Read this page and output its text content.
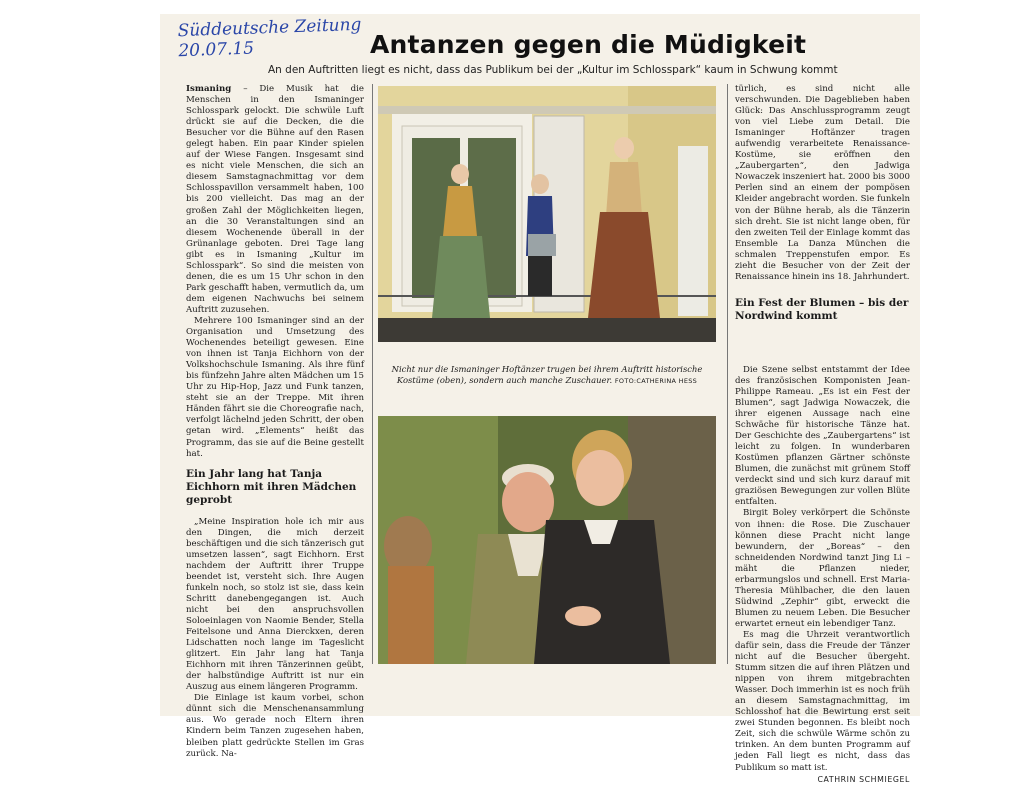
Süddeutsche Zeitung
20.07.15	Antanzen gegen die Müdigkeit
An den Auftritten liegt es nicht, dass das Publikum bei der „Kultur im Schlosspark“ kaum in Schwung kommt

Ismaning – Die Musik hat die Menschen in den Ismaninger Schlosspark gelockt. Die schwüle Luft drückt sie auf die Decken, die die Besucher vor die Bühne auf den Rasen gelegt haben. Ein paar Kinder spielen auf der Wiese Fangen. Insgesamt sind es nicht viele Menschen, die sich an diesem Samstagnachmittag vor dem Schlosspavillon versammelt haben, 100 bis 200 vielleicht. Das mag an der großen Zahl der Möglichkeiten liegen, an die 30 Veranstaltungen sind an diesem Wochenende überall in der Grünanlage geboten. Drei Tage lang gibt es in Ismaning „Kultur im Schlosspark“. So sind die meisten von denen, die es um 15 Uhr schon in den Park geschafft haben, vermutlich da, um dem eigenen Nachwuchs bei seinem Auftritt zuzusehen.

Mehrere 100 Ismaninger sind an der Organisation und Umsetzung des Wochenendes beteiligt gewesen. Eine von ihnen ist Tanja Eichhorn von der Volkshochschule Ismaning. Als ihre fünf bis fünfzehn Jahre alten Mädchen um 15 Uhr zu Hip-Hop, Jazz und Funk tanzen, steht sie an der Treppe. Mit ihren Händen fährt sie die Choreografie nach, verfolgt lächelnd jeden Schritt, der oben getan wird. „Elements“ heißt das Programm, das sie auf die Beine gestellt hat.

Ein Jahr lang hat Tanja Eichhorn mit ihren Mädchen geprobt

„Meine Inspiration hole ich mir aus den Dingen, die mich derzeit beschäftigen und die sich tänzerisch gut umsetzen lassen“, sagt Eichhorn. Erst nachdem der Auftritt ihrer Truppe beendet ist, versteht sich. Ihre Augen funkeln noch, so stolz ist sie, dass kein Schritt danebengegangen ist. Auch nicht bei den anspruchsvollen Soloeinlagen von Naomie Bender, Stella Feitelsone und Anna Dierckxen, deren Lidschatten noch lange im Tageslicht glitzert. Ein Jahr lang hat Tanja Eichhorn mit ihren Tänzerinnen geübt, der halbstündige Auftritt ist nur ein Auszug aus einem längeren Programm.

Die Einlage ist kaum vorbei, schon dünnt sich die Menschenansammlung aus. Wo gerade noch Eltern ihren Kindern beim Tanzen zugesehen haben, bleiben platt gedrückte Stellen im Gras zurück. Na-

Nicht nur die Ismaninger Hoftänzer trugen bei ihrem Auftritt historische Kostüme (oben), sondern auch manche Zuschauer. FOTO:CATHERINA HESS

türlich, es sind nicht alle verschwunden. Die Dageblieben haben Glück: Das Anschlussprogramm zeugt von viel Liebe zum Detail. Die Ismaninger Hoftänzer tragen aufwendig verarbeitete Renaissance-Kostüme, sie eröffnen den „Zaubergarten“, den Jadwiga Nowaczek inszeniert hat. 2000 bis 3000 Perlen sind an einem der pompösen Kleider angebracht worden. Sie funkeln von der Bühne herab, als die Tänzerin sich dreht. Sie ist nicht lange oben, für den zweiten Teil der Einlage kommt das Ensemble La Danza München die schmalen Treppenstufen empor. Es zieht die Besucher von der Zeit der Renaissance hinein ins 18. Jahrhundert.

Ein Fest der Blumen – bis der Nordwind kommt

Die Szene selbst entstammt der Idee des französischen Komponisten Jean-Philippe Rameau. „Es ist ein Fest der Blumen“, sagt Jadwiga Nowaczek, die ihrer eigenen Aussage nach eine Schwäche für historische Tänze hat. Der Geschichte des „Zaubergartens“ ist leicht zu folgen. In wunderbaren Kostümen pflanzen Gärtner schönste Blumen, die zunächst mit grünem Stoff verdeckt sind und sich kurz darauf mit graziösen Bewegungen zur vollen Blüte entfalten.

Birgit Boley verkörpert die Schönste von ihnen: die Rose. Die Zuschauer können diese Pracht nicht lange bewundern, der „Boreas“ – den schneidenden Nordwind tanzt Jing Li – mäht die Pflanzen nieder, erbarmungslos und schnell. Erst Maria-Theresia Mühlbacher, die den lauen Südwind „Zephir“ gibt, erweckt die Blumen zu neuem Leben. Die Besucher erwartet erneut ein lebendiger Tanz.

Es mag die Uhrzeit verantwortlich dafür sein, dass die Freude der Tänzer nicht auf die Besucher übergeht. Stumm sitzen die auf ihren Plätzen und nippen von ihrem mitgebrachten Wasser. Doch immerhin ist es noch früh an diesem Samstagnachmittag, im Schlosshof hat die Bewirtung erst seit zwei Stunden begonnen. Es bleibt noch Zeit, sich die schwüle Wärme schön zu trinken. An dem bunten Programm auf jeden Fall liegt es nicht, dass das Publikum so matt ist.
CATHRIN SCHMIEGEL
